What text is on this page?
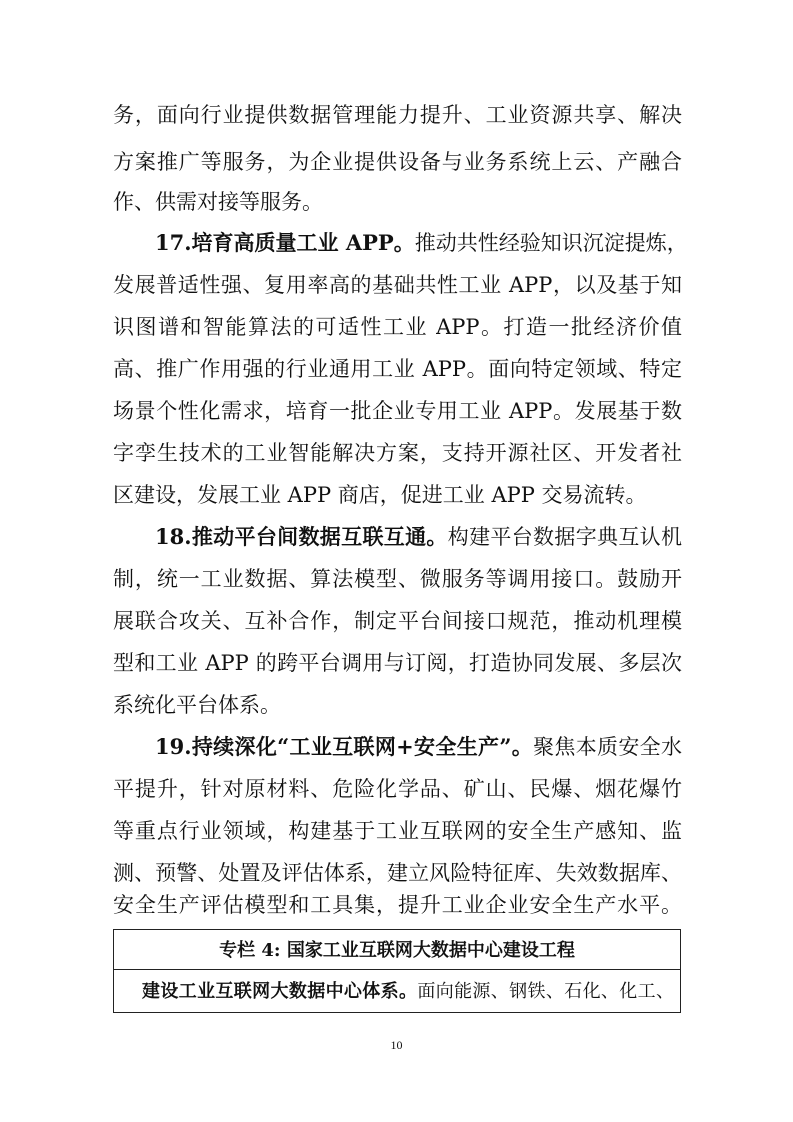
务，面向行业提供数据管理能力提升、工业资源共享、解决
方案推广等服务，为企业提供设备与业务系统上云、产融合
作、供需对接等服务。
17.培育高质量工业 APP。推动共性经验知识沉淀提炼，
发展普适性强、复用率高的基础共性工业 APP，以及基于知
识图谱和智能算法的可适性工业 APP。打造一批经济价值
高、推广作用强的行业通用工业 APP。面向特定领域、特定
场景个性化需求，培育一批企业专用工业 APP。发展基于数
字孪生技术的工业智能解决方案，支持开源社区、开发者社
区建设，发展工业 APP 商店，促进工业 APP 交易流转。
18.推动平台间数据互联互通。构建平台数据字典互认机
制，统一工业数据、算法模型、微服务等调用接口。鼓励开
展联合攻关、互补合作，制定平台间接口规范，推动机理模
型和工业 APP 的跨平台调用与订阅，打造协同发展、多层次
系统化平台体系。
19.持续深化“工业互联网+安全生产”。聚焦本质安全水
平提升，针对原材料、危险化学品、矿山、民爆、烟花爆竹
等重点行业领域，构建基于工业互联网的安全生产感知、监
测、预警、处置及评估体系，建立风险特征库、失效数据库、
安全生产评估模型和工具集，提升工业企业安全生产水平。
专栏 4: 国家工业互联网大数据中心建设工程
建设工业互联网大数据中心体系。面向能源、钢铁、石化、化工、
10
